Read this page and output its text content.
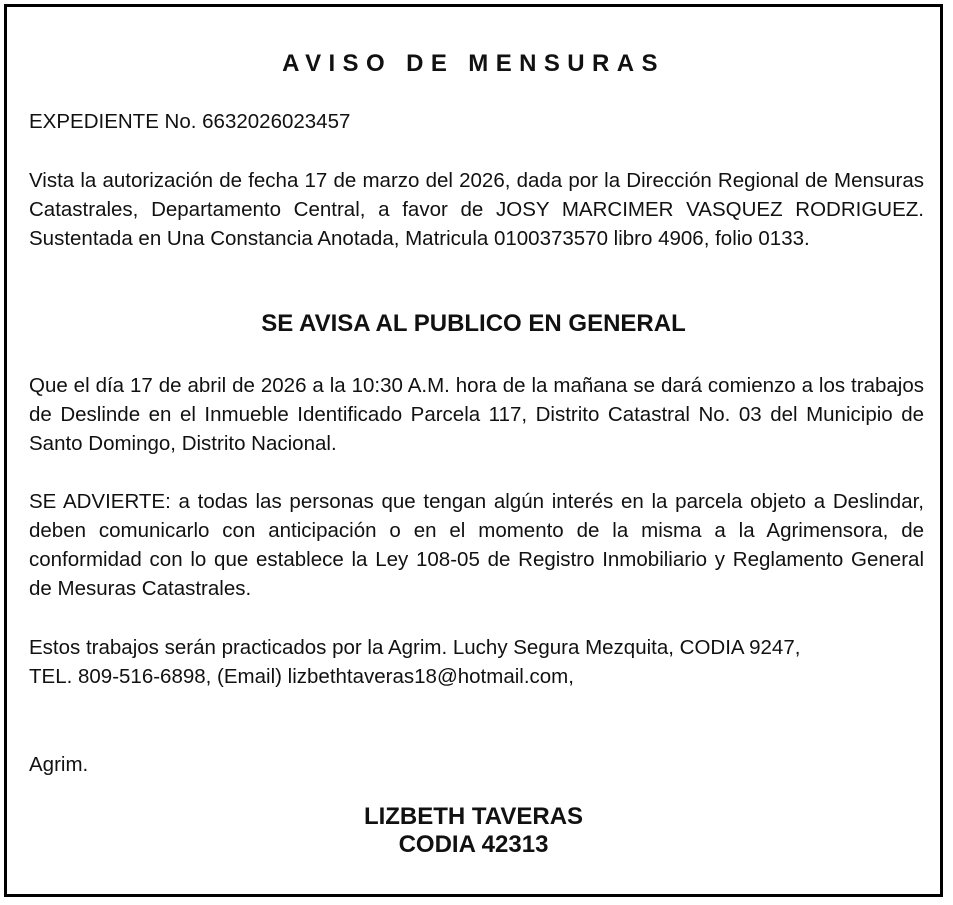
AVISO DE MENSURAS

EXPEDIENTE No. 6632026023457

Vista la autorización de fecha 17 de marzo del 2026, dada por la Dirección Regional de Mensuras Catastrales, Departamento Central, a favor de JOSY MARCIMER VASQUEZ RODRIGUEZ. Sustentada en Una Constancia Anotada, Matricula 0100373570 libro 4906, folio 0133.

SE AVISA AL PUBLICO EN GENERAL

Que el día 17 de abril de 2026 a la 10:30 A.M. hora de la mañana se dará comienzo a los trabajos de Deslinde en el Inmueble Identificado Parcela 117, Distrito Catastral No. 03 del Municipio de Santo Domingo, Distrito Nacional.

SE ADVIERTE: a todas las personas que tengan algún interés en la parcela objeto a Deslindar, deben comunicarlo con anticipación o en el momento de la misma a la Agrimensora, de conformidad con lo que establece la Ley 108-05 de Registro Inmobiliario y Reglamento General de Mesuras Catastrales.

Estos trabajos serán practicados por la Agrim. Luchy Segura Mezquita, CODIA 9247,
TEL. 809-516-6898, (Email) lizbethtaveras18@hotmail.com,

Agrim.

LIZBETH TAVERAS
CODIA 42313
